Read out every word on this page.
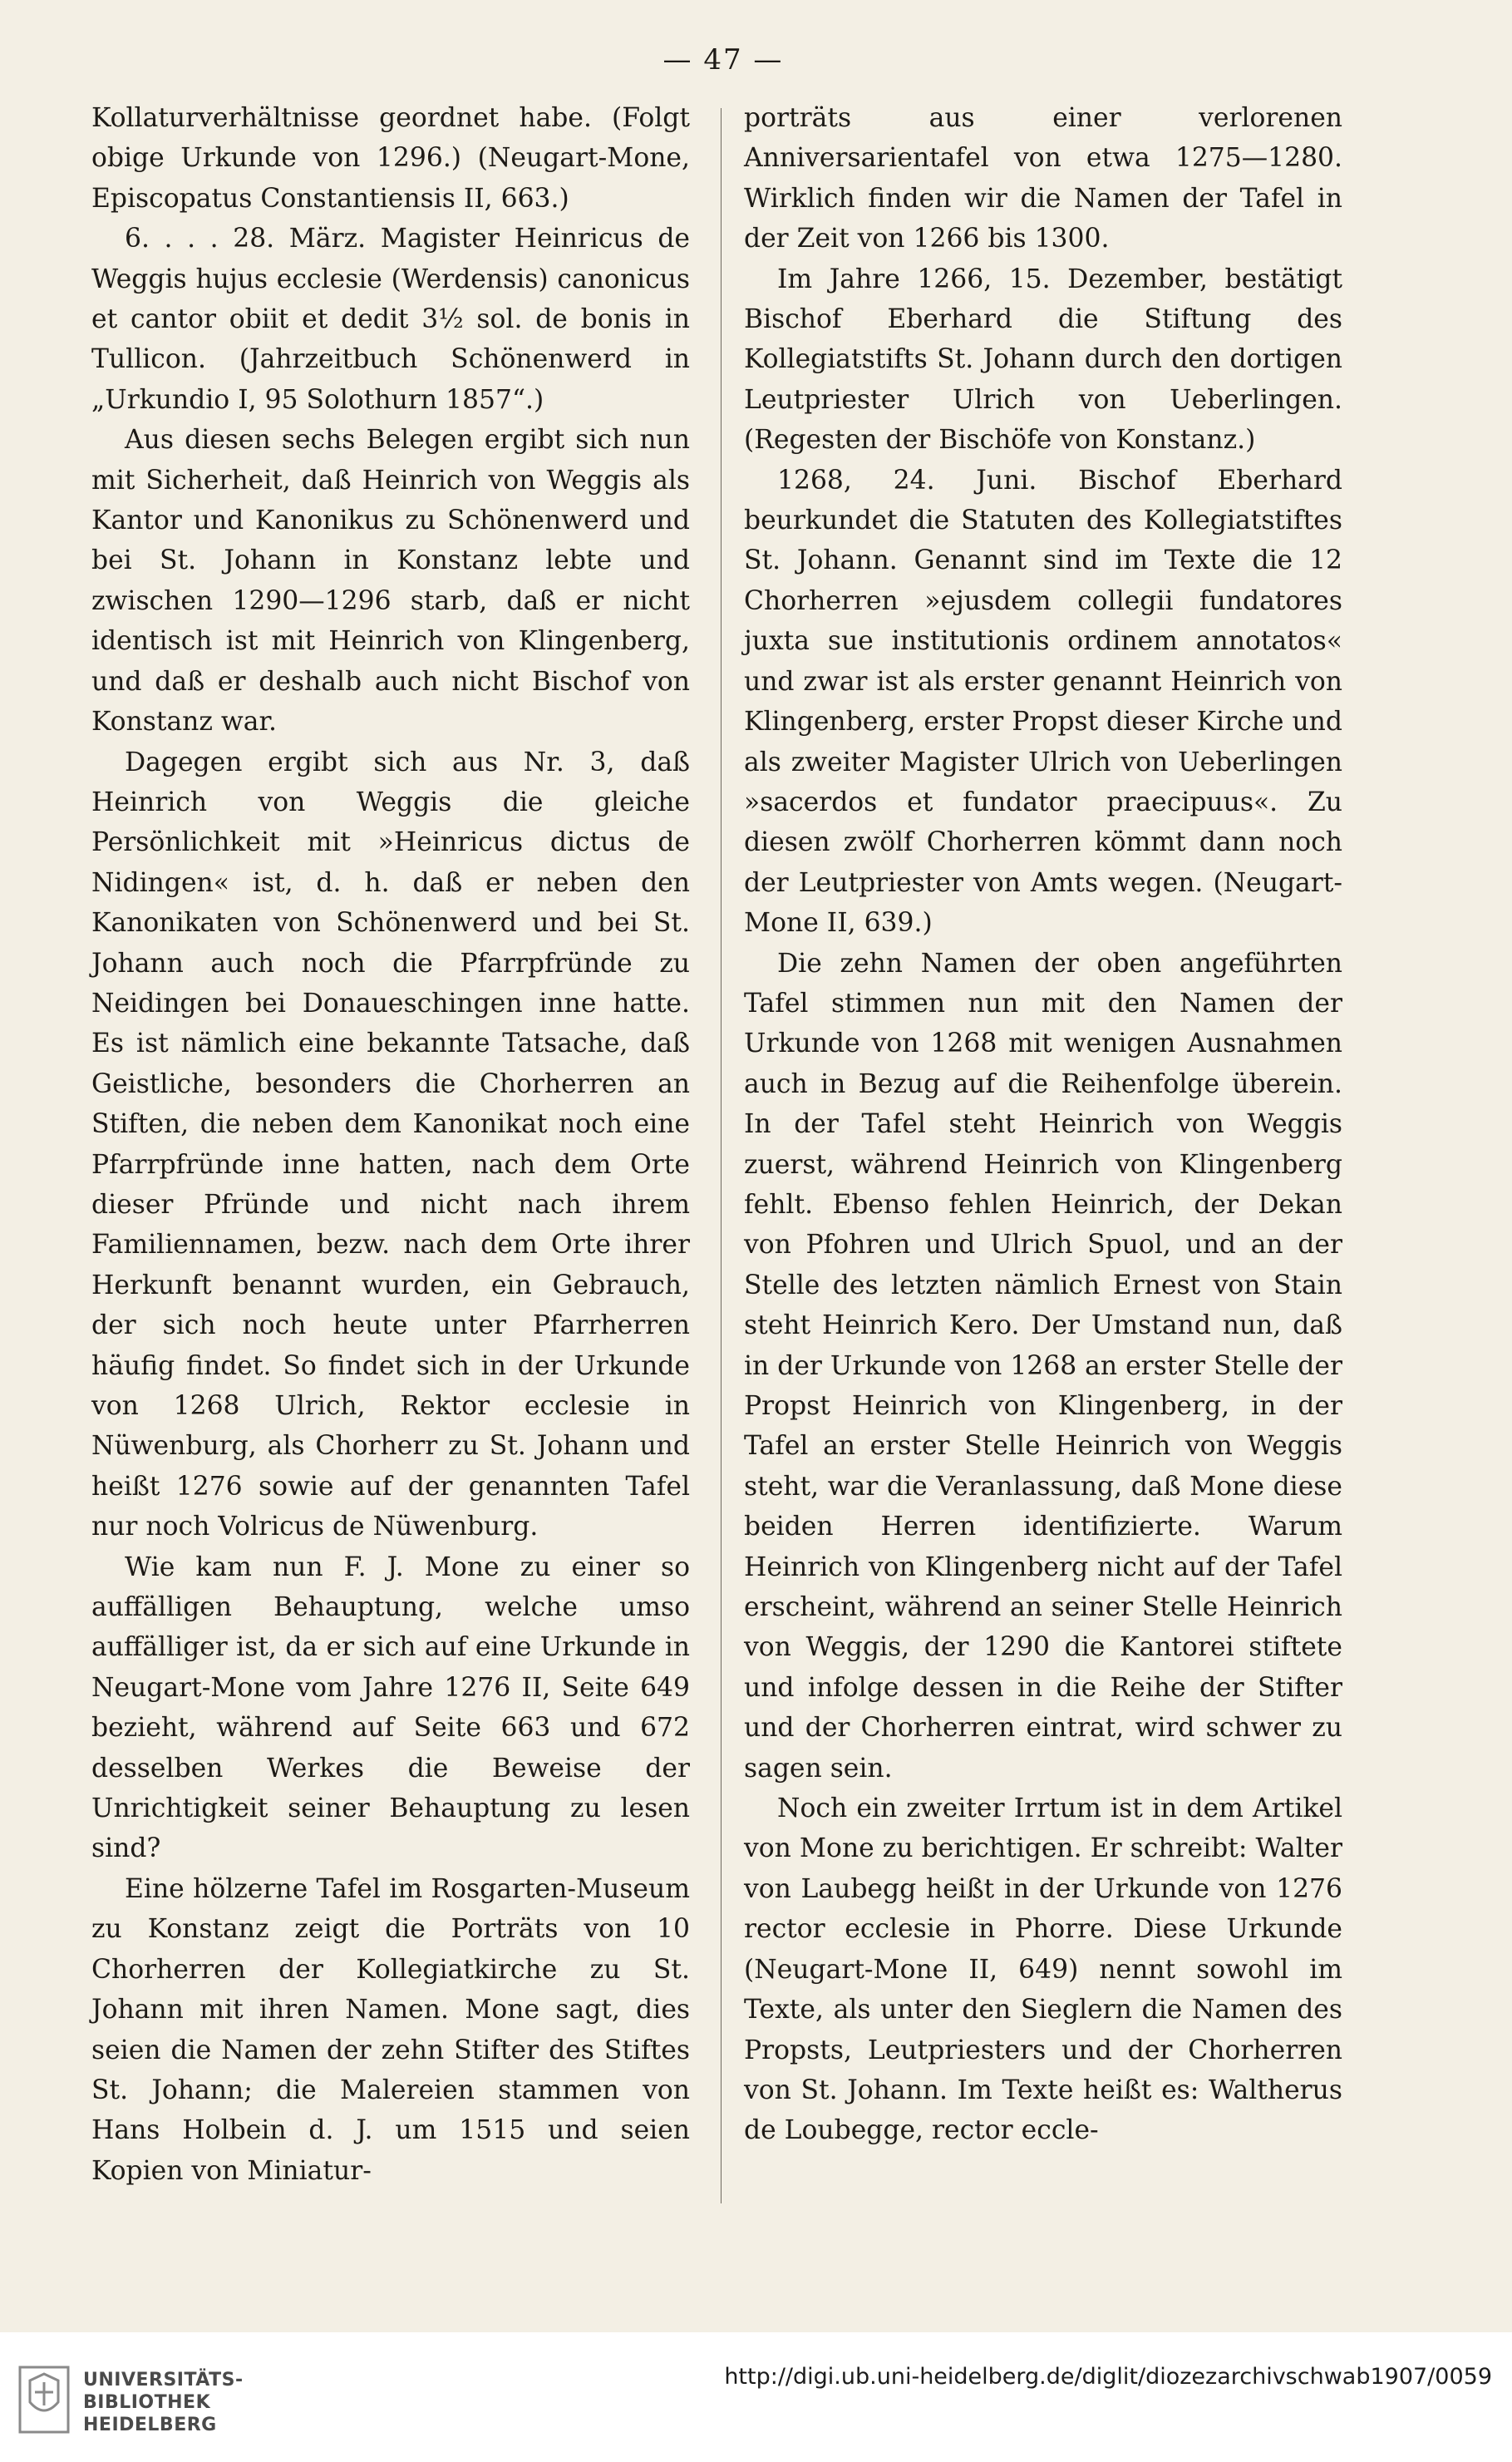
— 47 —

Kollaturverhältnisse geordnet habe. (Folgt obige Urkunde von 1296.) (Neugart-Mone, Episcopatus Constantiensis II, 663.)

6. . . . 28. März. Magister Heinricus de Weggis hujus ecclesie (Werdensis) canonicus et cantor obiit et dedit 3½ sol. de bonis in Tullicon. (Jahrzeitbuch Schönenwerd in „Urkundio I, 95 Solothurn 1857“.)

Aus diesen sechs Belegen ergibt sich nun mit Sicherheit, daß Heinrich von Weggis als Kantor und Kanonikus zu Schönenwerd und bei St. Johann in Konstanz lebte und zwischen 1290—1296 starb, daß er nicht identisch ist mit Heinrich von Klingenberg, und daß er deshalb auch nicht Bischof von Konstanz war.

Dagegen ergibt sich aus Nr. 3, daß Heinrich von Weggis die gleiche Persönlichkeit mit »Heinricus dictus de Nidingen« ist, d. h. daß er neben den Kanonikaten von Schönenwerd und bei St. Johann auch noch die Pfarrpfründe zu Neidingen bei Donaueschingen inne hatte. Es ist nämlich eine bekannte Tatsache, daß Geistliche, besonders die Chorherren an Stiften, die neben dem Kanonikat noch eine Pfarrpfründe inne hatten, nach dem Orte dieser Pfründe und nicht nach ihrem Familiennamen, bezw. nach dem Orte ihrer Herkunft benannt wurden, ein Gebrauch, der sich noch heute unter Pfarrherren häufig findet. So findet sich in der Urkunde von 1268 Ulrich, Rektor ecclesie in Nüwenburg, als Chorherr zu St. Johann und heißt 1276 sowie auf der genannten Tafel nur noch Volricus de Nüwenburg.

Wie kam nun F. J. Mone zu einer so auffälligen Behauptung, welche umso auffälliger ist, da er sich auf eine Urkunde in Neugart-Mone vom Jahre 1276 II, Seite 649 bezieht, während auf Seite 663 und 672 desselben Werkes die Beweise der Unrichtigkeit seiner Behauptung zu lesen sind?

Eine hölzerne Tafel im Rosgarten-Museum zu Konstanz zeigt die Porträts von 10 Chorherren der Kollegiatkirche zu St. Johann mit ihren Namen. Mone sagt, dies seien die Namen der zehn Stifter des Stiftes St. Johann; die Malereien stammen von Hans Holbein d. J. um 1515 und seien Kopien von Miniatur-

porträts aus einer verlorenen Anniversarientafel von etwa 1275—1280. Wirklich finden wir die Namen der Tafel in der Zeit von 1266 bis 1300.

Im Jahre 1266, 15. Dezember, bestätigt Bischof Eberhard die Stiftung des Kollegiatstifts St. Johann durch den dortigen Leutpriester Ulrich von Ueberlingen. (Regesten der Bischöfe von Konstanz.)

1268, 24. Juni. Bischof Eberhard beurkundet die Statuten des Kollegiatstiftes St. Johann. Genannt sind im Texte die 12 Chorherren »ejusdem collegii fundatores juxta sue institutionis ordinem annotatos« und zwar ist als erster genannt Heinrich von Klingenberg, erster Propst dieser Kirche und als zweiter Magister Ulrich von Ueberlingen »sacerdos et fundator praecipuus«. Zu diesen zwölf Chorherren kömmt dann noch der Leutpriester von Amts wegen. (Neugart-Mone II, 639.)

Die zehn Namen der oben angeführten Tafel stimmen nun mit den Namen der Urkunde von 1268 mit wenigen Ausnahmen auch in Bezug auf die Reihenfolge überein. In der Tafel steht Heinrich von Weggis zuerst, während Heinrich von Klingenberg fehlt. Ebenso fehlen Heinrich, der Dekan von Pfohren und Ulrich Spuol, und an der Stelle des letzten nämlich Ernest von Stain steht Heinrich Kero. Der Umstand nun, daß in der Urkunde von 1268 an erster Stelle der Propst Heinrich von Klingenberg, in der Tafel an erster Stelle Heinrich von Weggis steht, war die Veranlassung, daß Mone diese beiden Herren identifizierte. Warum Heinrich von Klingenberg nicht auf der Tafel erscheint, während an seiner Stelle Heinrich von Weggis, der 1290 die Kantorei stiftete und infolge dessen in die Reihe der Stifter und der Chorherren eintrat, wird schwer zu sagen sein.

Noch ein zweiter Irrtum ist in dem Artikel von Mone zu berichtigen. Er schreibt: Walter von Laubegg heißt in der Urkunde von 1276 rector ecclesie in Phorre. Diese Urkunde (Neugart-Mone II, 649) nennt sowohl im Texte, als unter den Sieglern die Namen des Propsts, Leutpriesters und der Chorherren von St. Johann. Im Texte heißt es: Waltherus de Loubegge, rector eccle-

UNIVERSITÄTS-
BIBLIOTHEK
HEIDELBERG
http://digi.ub.uni-heidelberg.de/diglit/diozezarchivschwab1907/0059
